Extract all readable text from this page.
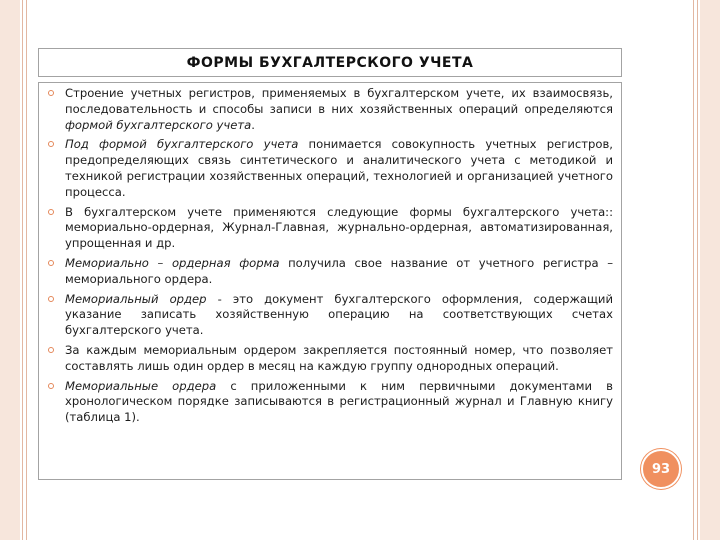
ФОРМЫ БУХГАЛТЕРСКОГО УЧЕТА
Строение учетных регистров, применяемых в бухгалтерском учете, их взаимосвязь, последовательность и способы записи в них хозяйственных операций определяются формой бухгалтерского учета.
Под формой бухгалтерского учета понимается совокупность учетных регистров, предопределяющих связь синтетического и аналитического учета с методикой и техникой регистрации хозяйственных операций, технологией и организацией учетного процесса.
В бухгалтерском учете применяются следующие формы бухгалтерского учета:: мемориально-ордерная, Журнал-Главная, журнально-ордерная, автоматизированная, упрощенная и др.
Мемориально – ордерная форма получила свое название от учетного регистра – мемориального ордера.
Мемориальный ордер - это документ бухгалтерского оформления, содержащий указание записать хозяйственную операцию на соответствующих счетах бухгалтерского учета.
За каждым мемориальным ордером закрепляется постоянный номер, что позволяет составлять лишь один ордер в месяц на каждую группу однородных операций.
Мемориальные ордера с приложенными к ним первичными документами в хронологическом порядке записываются в регистрационный журнал и Главную книгу (таблица 1).
93
